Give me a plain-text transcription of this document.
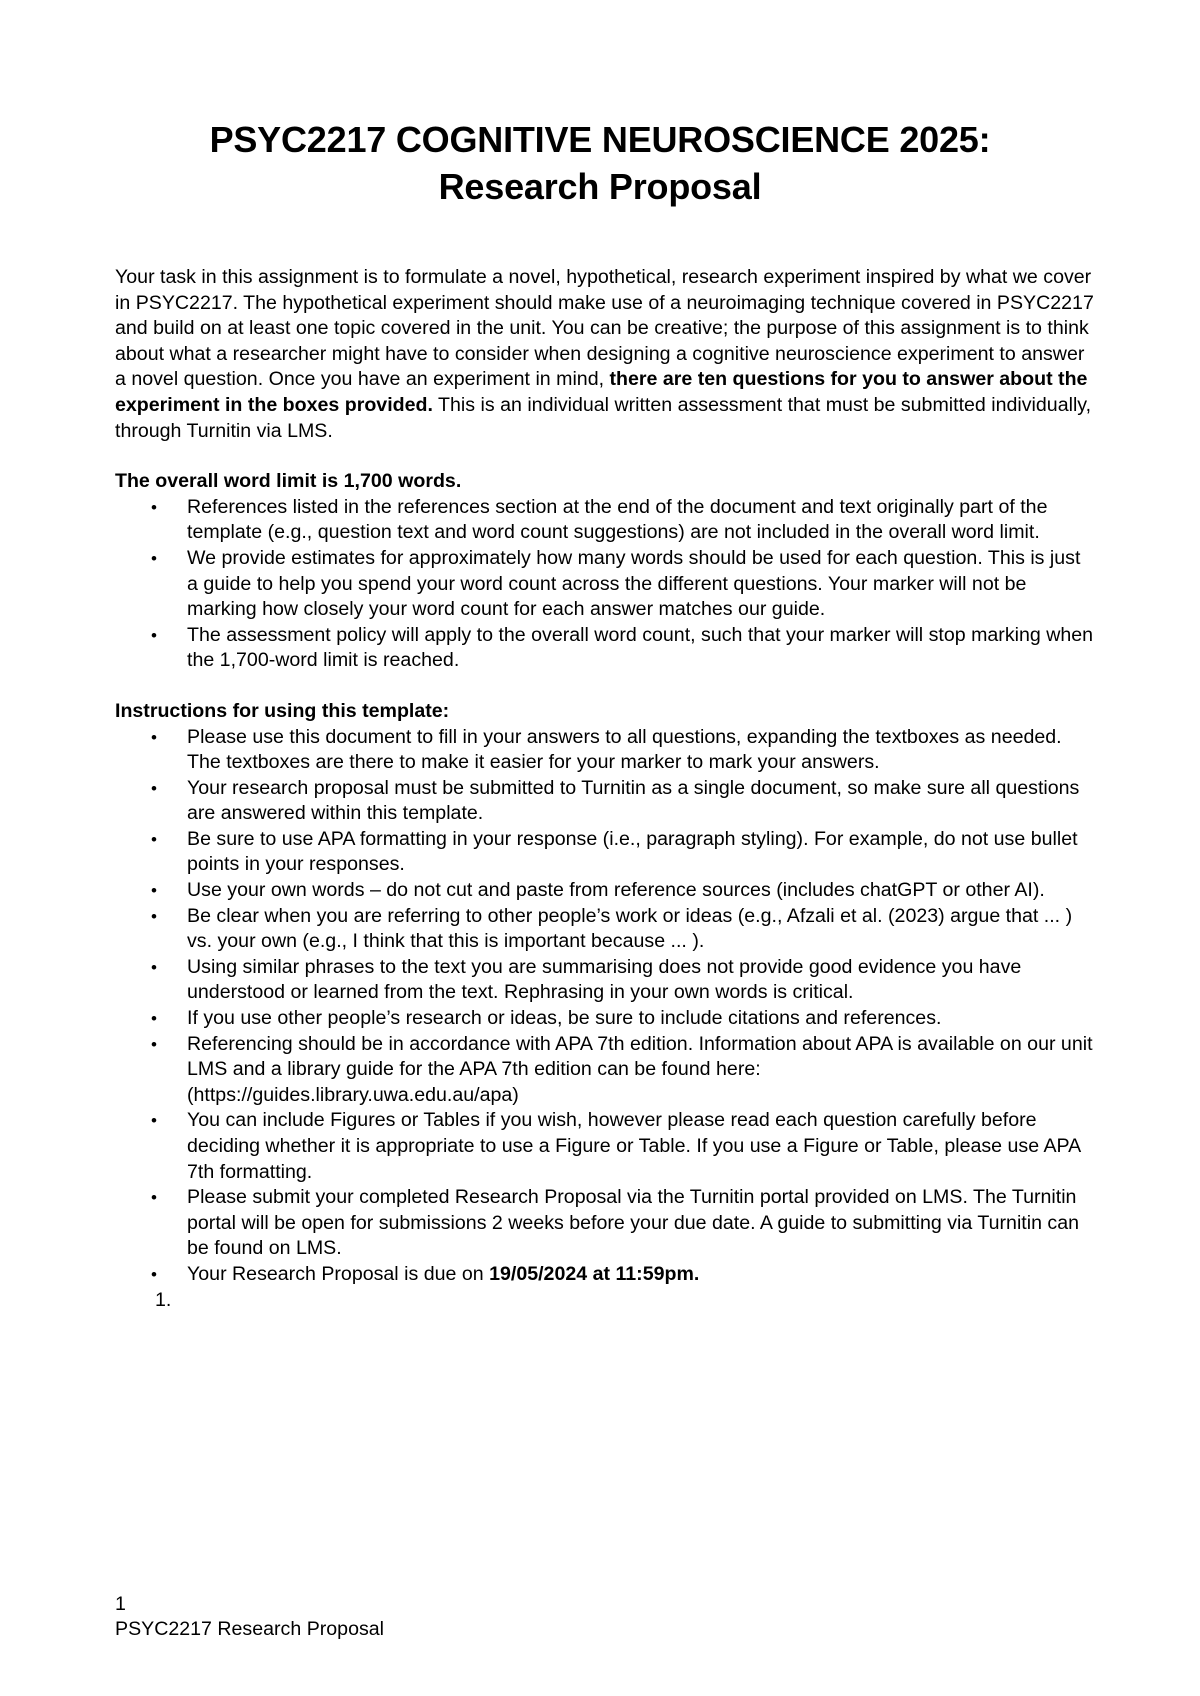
PSYC2217 COGNITIVE NEUROSCIENCE 2025:
Research Proposal

Your task in this assignment is to formulate a novel, hypothetical, research experiment inspired by what we cover in PSYC2217. The hypothetical experiment should make use of a neuroimaging technique covered in PSYC2217 and build on at least one topic covered in the unit. You can be creative; the purpose of this assignment is to think about what a researcher might have to consider when designing a cognitive neuroscience experiment to answer a novel question. Once you have an experiment in mind, there are ten questions for you to answer about the experiment in the boxes provided. This is an individual written assessment that must be submitted individually, through Turnitin via LMS.

The overall word limit is 1,700 words.

• References listed in the references section at the end of the document and text originally part of the template (e.g., question text and word count suggestions) are not included in the overall word limit.
• We provide estimates for approximately how many words should be used for each question. This is just a guide to help you spend your word count across the different questions. Your marker will not be marking how closely your word count for each answer matches our guide.
• The assessment policy will apply to the overall word count, such that your marker will stop marking when the 1,700-word limit is reached.

Instructions for using this template:

• Please use this document to fill in your answers to all questions, expanding the textboxes as needed. The textboxes are there to make it easier for your marker to mark your answers.
• Your research proposal must be submitted to Turnitin as a single document, so make sure all questions are answered within this template.
• Be sure to use APA formatting in your response (i.e., paragraph styling). For example, do not use bullet points in your responses.
• Use your own words – do not cut and paste from reference sources (includes chatGPT or other AI).
• Be clear when you are referring to other people’s work or ideas (e.g., Afzali et al. (2023) argue that ... ) vs. your own (e.g., I think that this is important because ... ).
• Using similar phrases to the text you are summarising does not provide good evidence you have understood or learned from the text. Rephrasing in your own words is critical.
• If you use other people’s research or ideas, be sure to include citations and references.
• Referencing should be in accordance with APA 7th edition. Information about APA is available on our unit LMS and a library guide for the APA 7th edition can be found here: (https://guides.library.uwa.edu.au/apa)
• You can include Figures or Tables if you wish, however please read each question carefully before deciding whether it is appropriate to use a Figure or Table. If you use a Figure or Table, please use APA 7th formatting.
• Please submit your completed Research Proposal via the Turnitin portal provided on LMS. The Turnitin portal will be open for submissions 2 weeks before your due date. A guide to submitting via Turnitin can be found on LMS.
• Your Research Proposal is due on 19/05/2024 at 11:59pm.
1.
1
PSYC2217 Research Proposal
